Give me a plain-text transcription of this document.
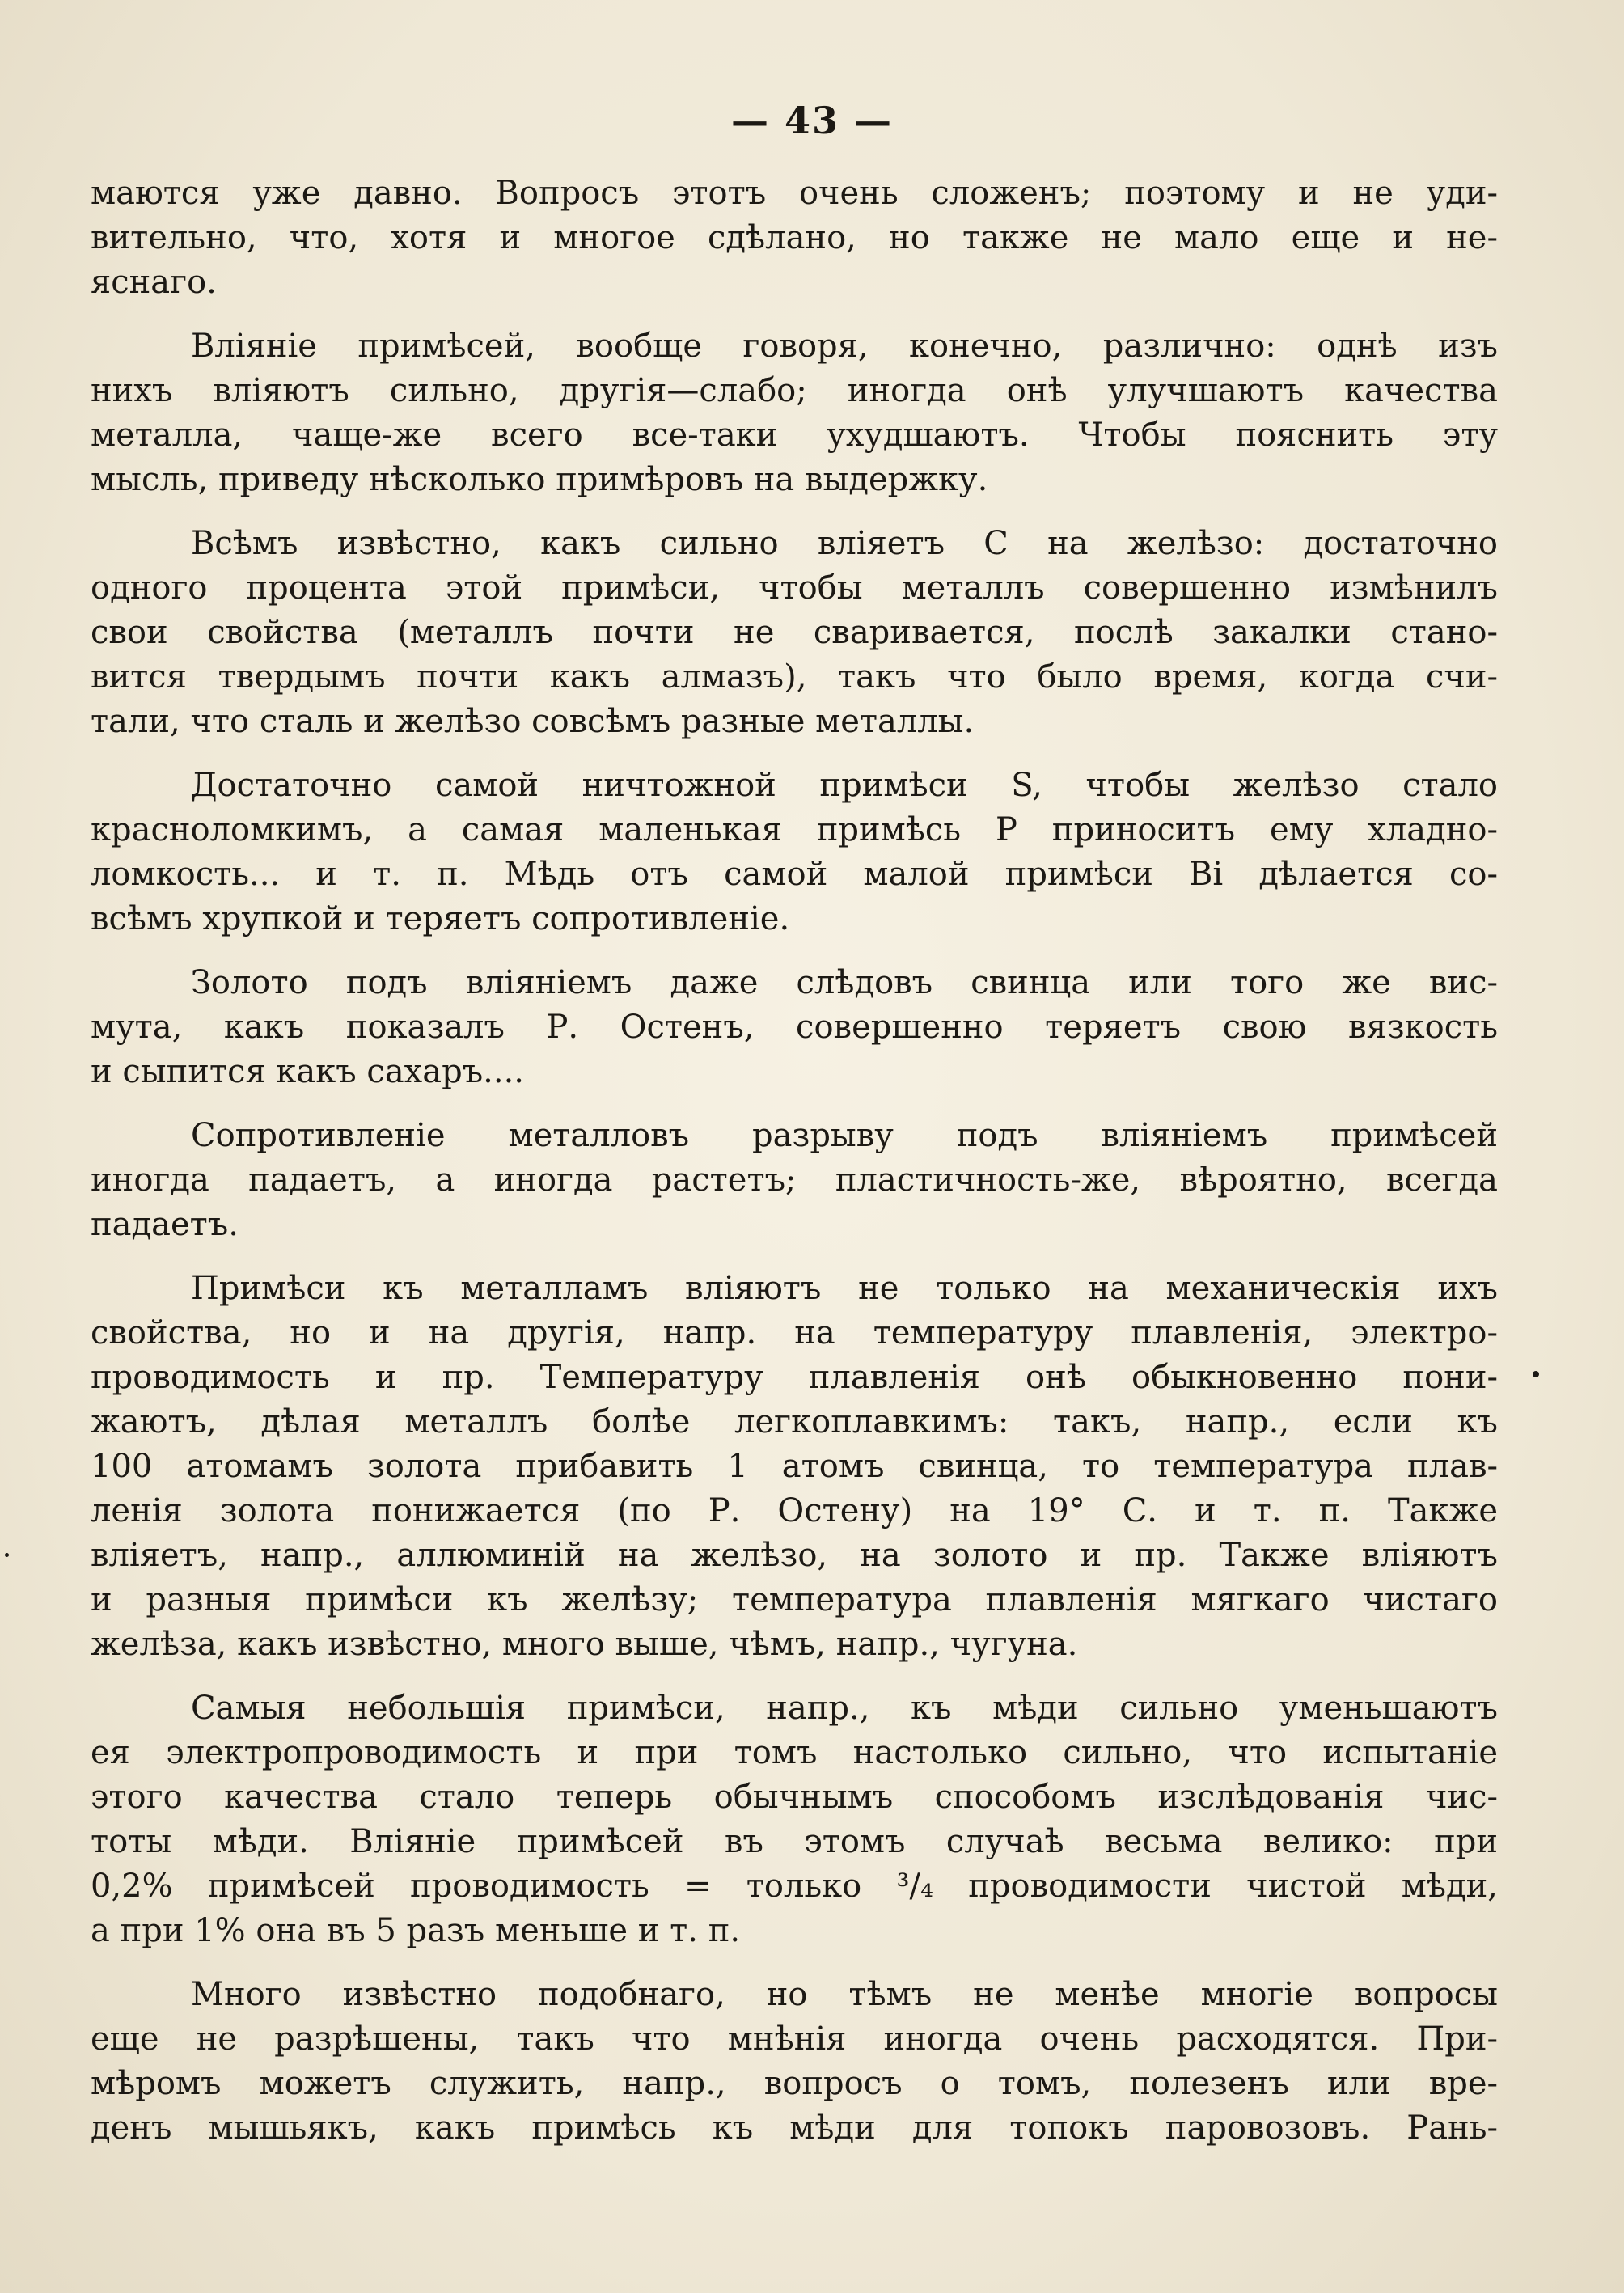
— 43 —
маются уже давно. Вопросъ этотъ очень сложенъ; поэтому и не уди-
вительно, что, хотя и многое сдѣлано, но также не мало еще и не-
яснаго.
Вліяніе примѣсей, вообще говоря, конечно, различно: однѣ изъ
нихъ вліяютъ сильно, другія—слабо; иногда онѣ улучшаютъ качества
металла, чаще-же всего все-таки ухудшаютъ. Чтобы пояснить эту
мысль, приведу нѣсколько примѣровъ на выдержку.
Всѣмъ извѣстно, какъ сильно вліяетъ С на желѣзо: достаточно
одного процента этой примѣси, чтобы металлъ совершенно измѣнилъ
свои свойства (металлъ почти не сваривается, послѣ закалки стано-
вится твердымъ почти какъ алмазъ), такъ что было время, когда счи-
тали, что сталь и желѣзо совсѣмъ разные металлы.
Достаточно самой ничтожной примѣси S, чтобы желѣзо стало
красноломкимъ, а самая маленькая примѣсь Р приноситъ ему хладно-
ломкость... и т. п. Мѣдь отъ самой малой примѣси Bi дѣлается со-
всѣмъ хрупкой и теряетъ сопротивленіе.
Золото подъ вліяніемъ даже слѣдовъ свинца или того же вис-
мута, какъ показалъ Р. Остенъ, совершенно теряетъ свою вязкость
и сыпится какъ сахаръ....
Сопротивленіе металловъ разрыву подъ вліяніемъ примѣсей
иногда падаетъ, а иногда растетъ; пластичность-же, вѣроятно, всегда
падаетъ.
Примѣси къ металламъ вліяютъ не только на механическія ихъ
свойства, но и на другія, напр. на температуру плавленія, электро-
проводимость и пр. Температуру плавленія онѣ обыкновенно пони-
жаютъ, дѣлая металлъ болѣе легкоплавкимъ: такъ, напр., если къ
100 атомамъ золота прибавить 1 атомъ свинца, то температура плав-
ленія золота понижается (по Р. Остену) на 19° С. и т. п. Также
вліяетъ, напр., аллюминій на желѣзо, на золото и пр. Также вліяютъ
и разныя примѣси къ желѣзу; температура плавленія мягкаго чистаго
желѣза, какъ извѣстно, много выше, чѣмъ, напр., чугуна.
Самыя небольшія примѣси, напр., къ мѣди сильно уменьшаютъ
ея электропроводимость и при томъ настолько сильно, что испытаніе
этого качества стало теперь обычнымъ способомъ изслѣдованія чис-
тоты мѣди. Вліяніе примѣсей въ этомъ случаѣ весьма велико: при
0,2% примѣсей проводимость = только ³/₄ проводимости чистой мѣди,
а при 1% она въ 5 разъ меньше и т. п.
Много извѣстно подобнаго, но тѣмъ не менѣе многіе вопросы
еще не разрѣшены, такъ что мнѣнія иногда очень расходятся. При-
мѣромъ можетъ служить, напр., вопросъ о томъ, полезенъ или вре-
денъ мышьякъ, какъ примѣсь къ мѣди для топокъ паровозовъ. Рань-
